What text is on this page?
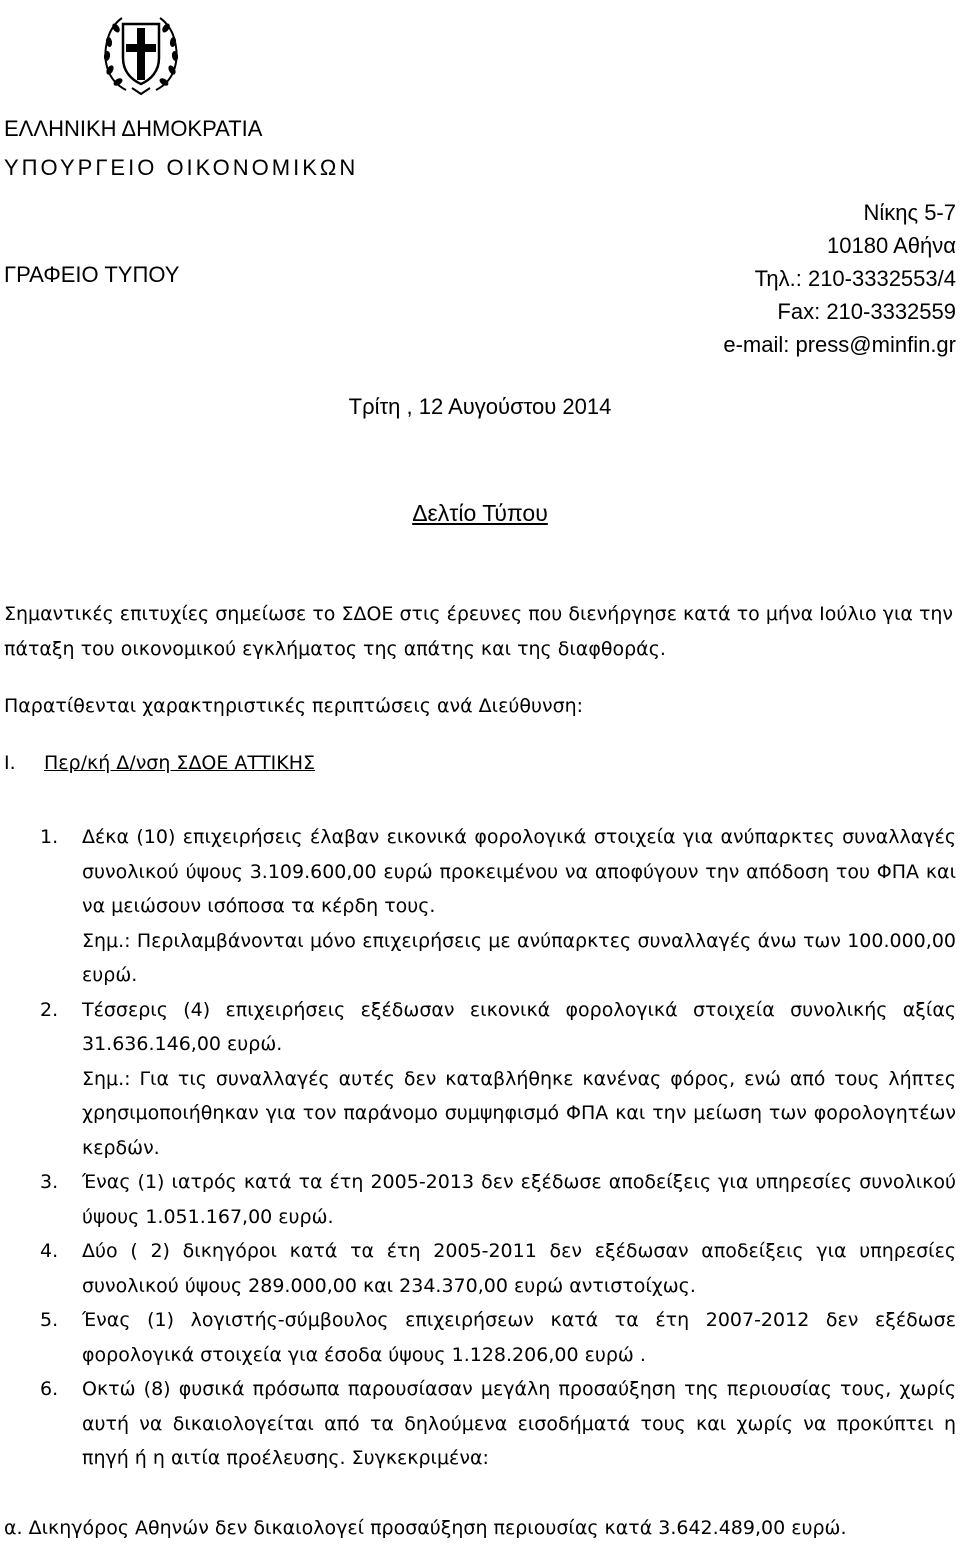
ΕΛΛΗΝΙΚΗ ΔΗΜΟΚΡΑΤΙΑ
ΥΠΟΥΡΓΕΙΟ ΟΙΚΟΝΟΜΙΚΩΝ
ΓΡΑΦΕΙΟ ΤΥΠΟΥ
Νίκης 5-7
10180 Αθήνα
Τηλ.: 210-3332553/4
Fax: 210-3332559
e-mail: press@minfin.gr
Τρίτη , 12 Αυγούστου 2014
Δελτίο Τύπου
Σημαντικές επιτυχίες σημείωσε το ΣΔΟΕ στις έρευνες που διενήργησε κατά το μήνα Ιούλιο για την πάταξη του οικονομικού εγκλήματος της απάτης και της διαφθοράς.
Παρατίθενται χαρακτηριστικές περιπτώσεις ανά Διεύθυνση:
I. Περ/κή Δ/νση ΣΔΟΕ ΑΤΤΙΚΗΣ
1. Δέκα (10) επιχειρήσεις έλαβαν εικονικά φορολογικά στοιχεία για ανύπαρκτες συναλλαγές συνολικού ύψους 3.109.600,00 ευρώ προκειμένου να αποφύγουν την απόδοση του ΦΠΑ και να μειώσουν ισόποσα τα κέρδη τους.

Σημ.: Περιλαμβάνονται μόνο επιχειρήσεις με ανύπαρκτες συναλλαγές άνω των 100.000,00 ευρώ.

2. Τέσσερις (4) επιχειρήσεις εξέδωσαν εικονικά φορολογικά στοιχεία συνολικής αξίας 31.636.146,00 ευρώ.

Σημ.: Για τις συναλλαγές αυτές δεν καταβλήθηκε κανένας φόρος, ενώ από τους λήπτες χρησιμοποιήθηκαν για τον παράνομο συμψηφισμό ΦΠΑ και την μείωση των φορολογητέων κερδών.

3. Ένας (1) ιατρός κατά τα έτη 2005-2013 δεν εξέδωσε αποδείξεις για υπηρεσίες συνολικού ύψους 1.051.167,00 ευρώ.

4. Δύο ( 2) δικηγόροι κατά τα έτη 2005-2011 δεν εξέδωσαν αποδείξεις για υπηρεσίες συνολικού ύψους 289.000,00 και 234.370,00 ευρώ αντιστοίχως.

5. Ένας (1) λογιστής-σύμβουλος επιχειρήσεων κατά τα έτη 2007-2012 δεν εξέδωσε φορολογικά στοιχεία για έσοδα ύψους 1.128.206,00 ευρώ .

6. Οκτώ (8) φυσικά πρόσωπα παρουσίασαν μεγάλη προσαύξηση της περιουσίας τους, χωρίς αυτή να δικαιολογείται από τα δηλούμενα εισοδήματά τους και χωρίς να προκύπτει η πηγή ή η αιτία προέλευσης. Συγκεκριμένα:

α. Δικηγόρος Αθηνών δεν δικαιολογεί προσαύξηση περιουσίας κατά 3.642.489,00 ευρώ.
